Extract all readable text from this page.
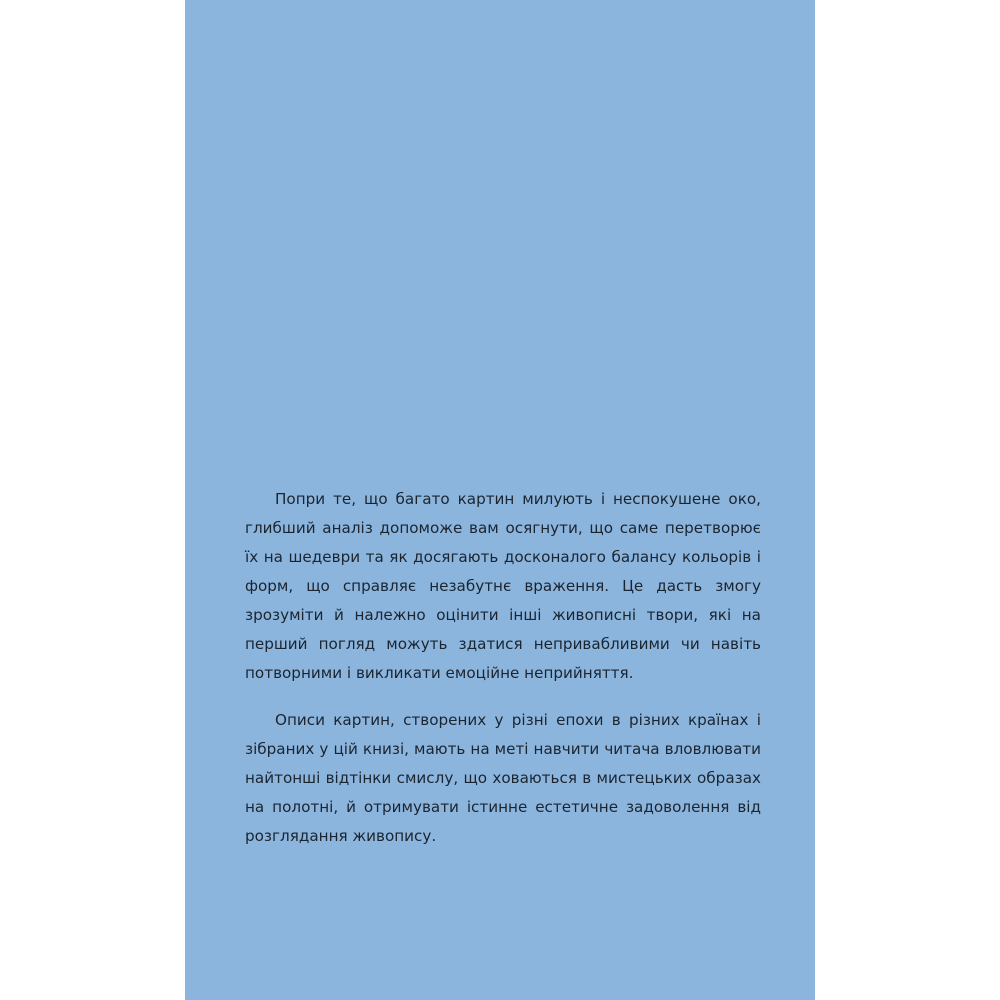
Попри те, що багато картин милують і неспокушене око, глибший аналіз допоможе вам осягнути, що саме перетворює їх на шедеври та як досягають досконалого балансу кольорів і форм, що справляє незабутнє враження. Це дасть змогу зрозуміти й належно оцінити інші живописні твори, які на перший погляд можуть здатися непривабливими чи навіть потворними і викликати емоційне неприйняття.

Описи картин, створених у різні епохи в різних країнах і зібраних у цій книзі, мають на меті навчити читача вловлювати найтонші відтінки смислу, що ховаються в мистецьких образах на полотні, й отримувати істинне естетичне задоволення від розглядання живопису.
